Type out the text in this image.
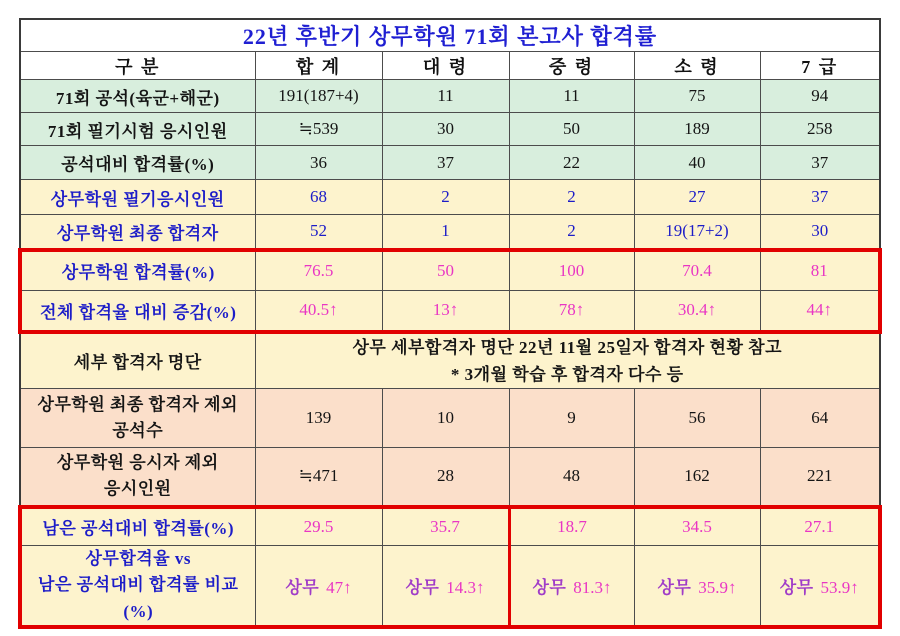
22년 후반기 상무학원 71회 본고사 합격률					
구 분	합 계	대 령	중 령	소 령	7 급
71회 공석(육군+해군)	191(187+4)	11	11	75	94
71회 필기시험 응시인원	≒539	30	50	189	258
공석대비 합격률(%)	36	37	22	40	37
상무학원 필기응시인원	68	2	2	27	37
상무학원 최종 합격자	52	1	2	19(17+2)	30
상무학원 합격률(%)	76.5	50	100	70.4	81
전체 합격율 대비 증감(%)	40.5↑	13↑	78↑	30.4↑	44↑
세부 합격자 명단	상무 세부합격자 명단 22년 11월 25일자 합격자 현황 참고
* 3개월 학습 후 합격자 다수 등				

상무학원 최종 합격자 제외
공석수	139	10	9	56	64

상무학원 응시자 제외
응시인원	≒471	28	48	162	221
남은 공석대비 합격률(%)	29.5	35.7	18.7	34.5	27.1

상무합격율 vs
남은 공석대비 합격률 비교(%)	상무 47↑	상무 14.3↑	상무 81.3↑	상무 35.9↑	상무 53.9↑
